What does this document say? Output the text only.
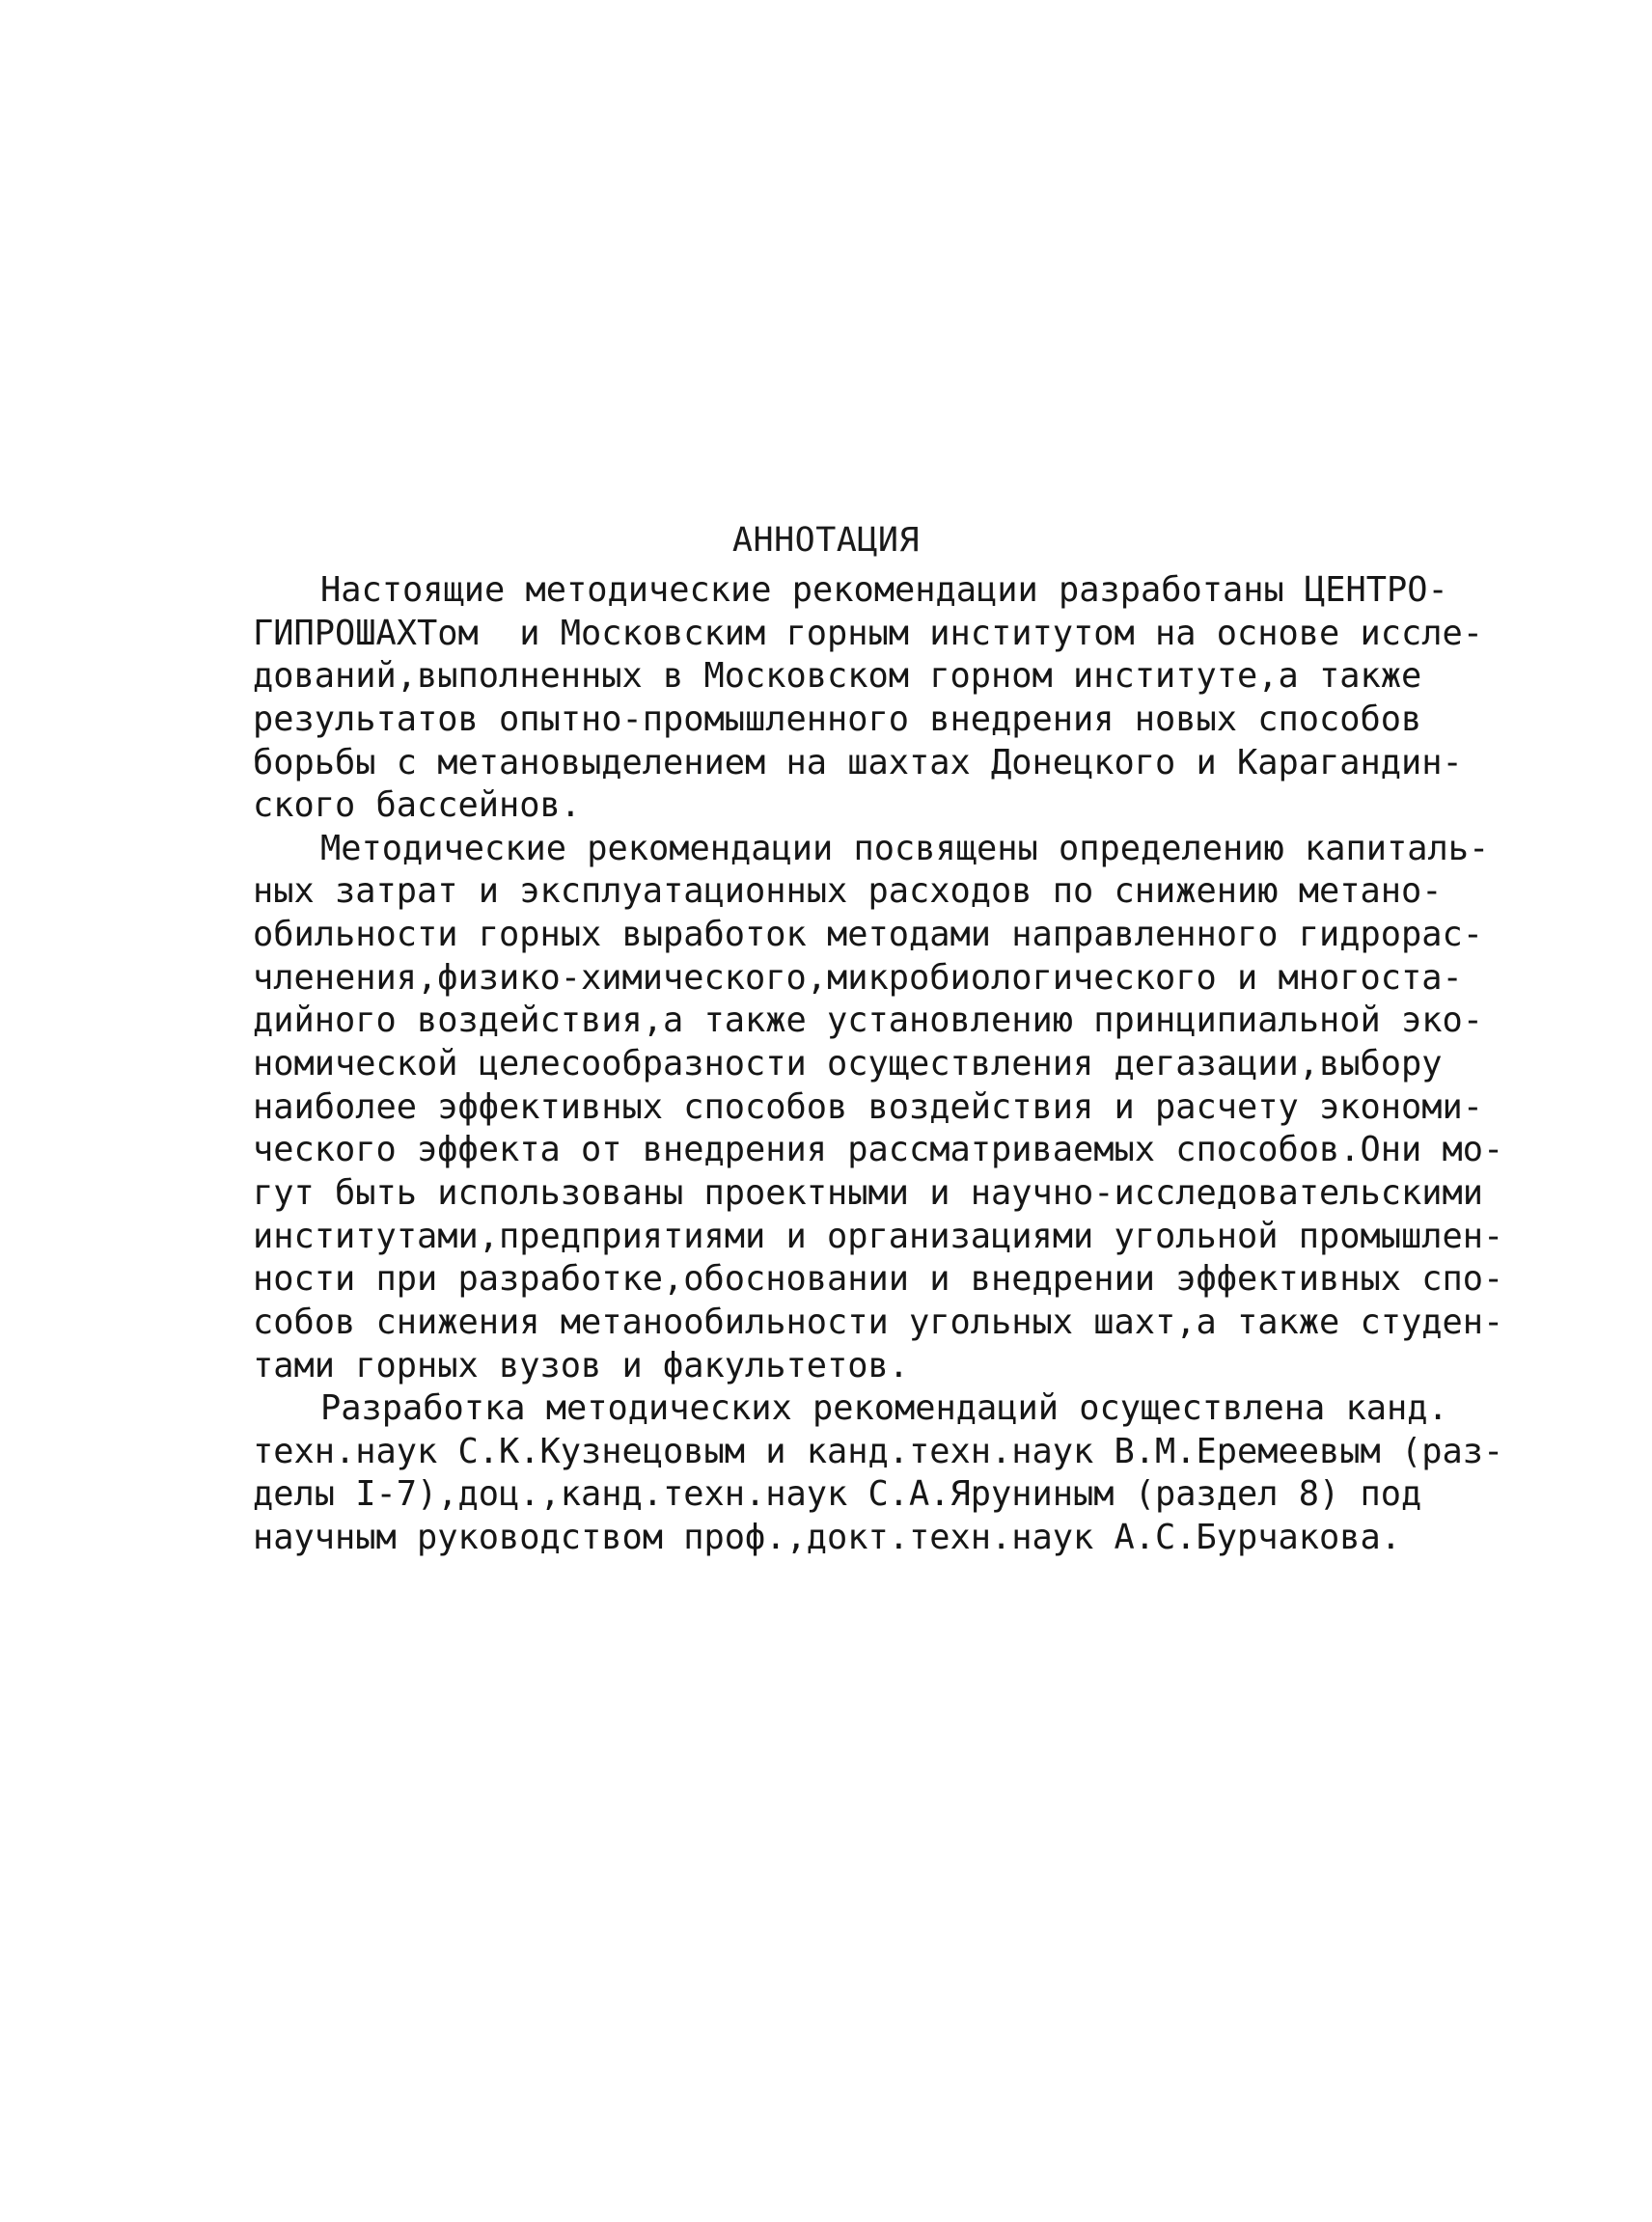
АННОТАЦИЯ
Настоящие методические рекомендации разработаны ЦЕНТРО-
ГИПРОШАХТом  и Московским горным институтом на основе иссле-
дований,выполненных в Московском горном институте,а также
результатов опытно-промышленного внедрения новых способов
борьбы с метановыделением на шахтах Донецкого и Карагандин-
ского бассейнов.
Методические рекомендации посвящены определению капиталь-
ных затрат и эксплуатационных расходов по снижению метано-
обильности горных выработок методами направленного гидрорас-
членения,физико-химического,микробиологического и многоста-
дийного воздействия,а также установлению принципиальной эко-
номической целесообразности осуществления дегазации,выбору
наиболее эффективных способов воздействия и расчету экономи-
ческого эффекта от внедрения рассматриваемых способов.Они мо-
гут быть использованы проектными и научно-исследовательскими
институтами,предприятиями и организациями угольной промышлен-
ности при разработке,обосновании и внедрении эффективных спо-
собов снижения метанообильности угольных шахт,а также студен-
тами горных вузов и факультетов.
Разработка методических рекомендаций осуществлена канд.
техн.наук С.К.Кузнецовым и канд.техн.наук В.М.Еремеевым (раз-
делы I-7),доц.,канд.техн.наук С.А.Яруниным (раздел 8) под
научным руководством проф.,докт.техн.наук А.С.Бурчакова.
